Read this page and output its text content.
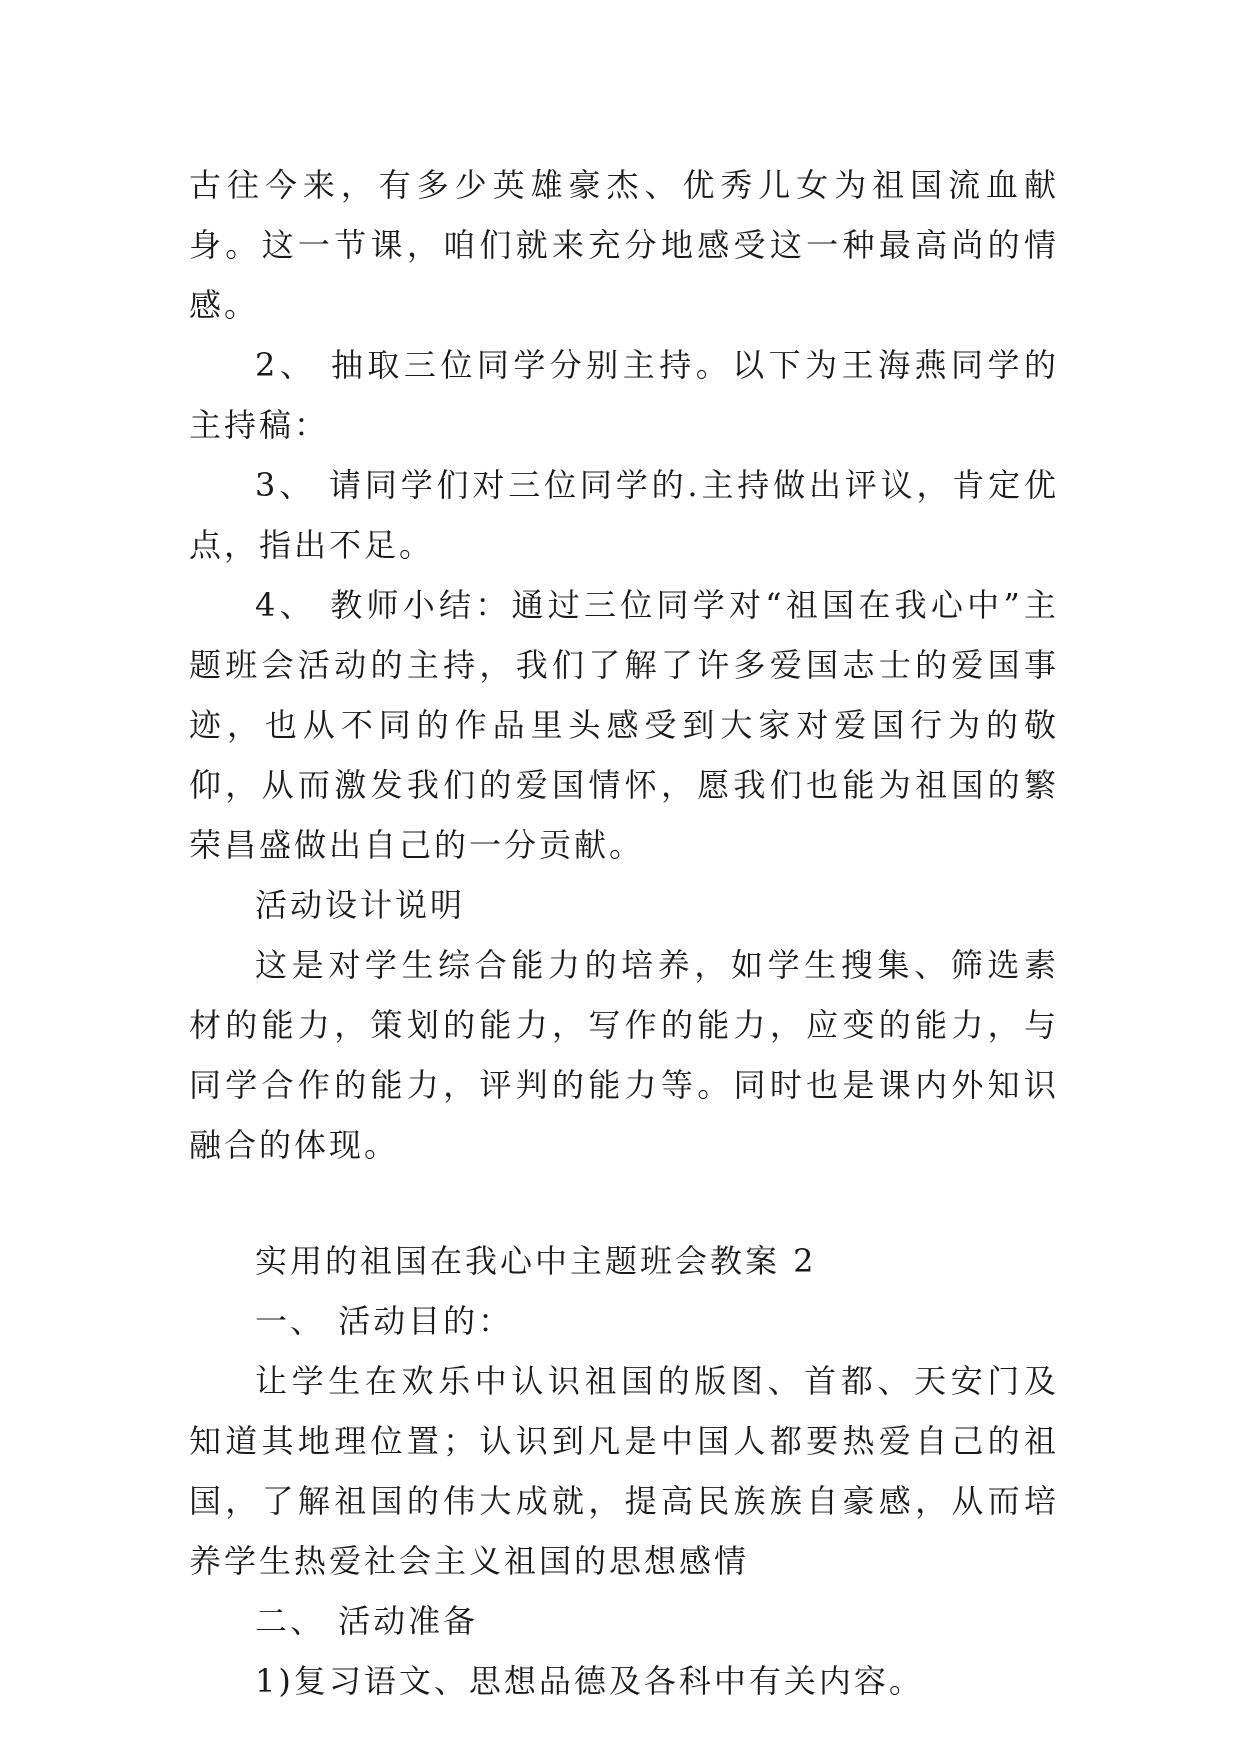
古往今来，有多少英雄豪杰、优秀儿女为祖国流血献身。这一节课，咱们就来充分地感受这一种最高尚的情感。

2、 抽取三位同学分别主持。以下为王海燕同学的主持稿：

3、 请同学们对三位同学的.主持做出评议，肯定优点，指出不足。

4、 教师小结：通过三位同学对“祖国在我心中”主题班会活动的主持，我们了解了许多爱国志士的爱国事迹，也从不同的作品里头感受到大家对爱国行为的敬仰，从而激发我们的爱国情怀，愿我们也能为祖国的繁荣昌盛做出自己的一分贡献。

活动设计说明

这是对学生综合能力的培养，如学生搜集、筛选素材的能力，策划的能力，写作的能力，应变的能力，与同学合作的能力，评判的能力等。同时也是课内外知识融合的体现。

实用的祖国在我心中主题班会教案 2

一、 活动目的：

让学生在欢乐中认识祖国的版图、首都、天安门及知道其地理位置；认识到凡是中国人都要热爱自己的祖国，了解祖国的伟大成就，提高民族族自豪感，从而培养学生热爱社会主义祖国的思想感情

二、 活动准备

1)复习语文、思想品德及各科中有关内容。
